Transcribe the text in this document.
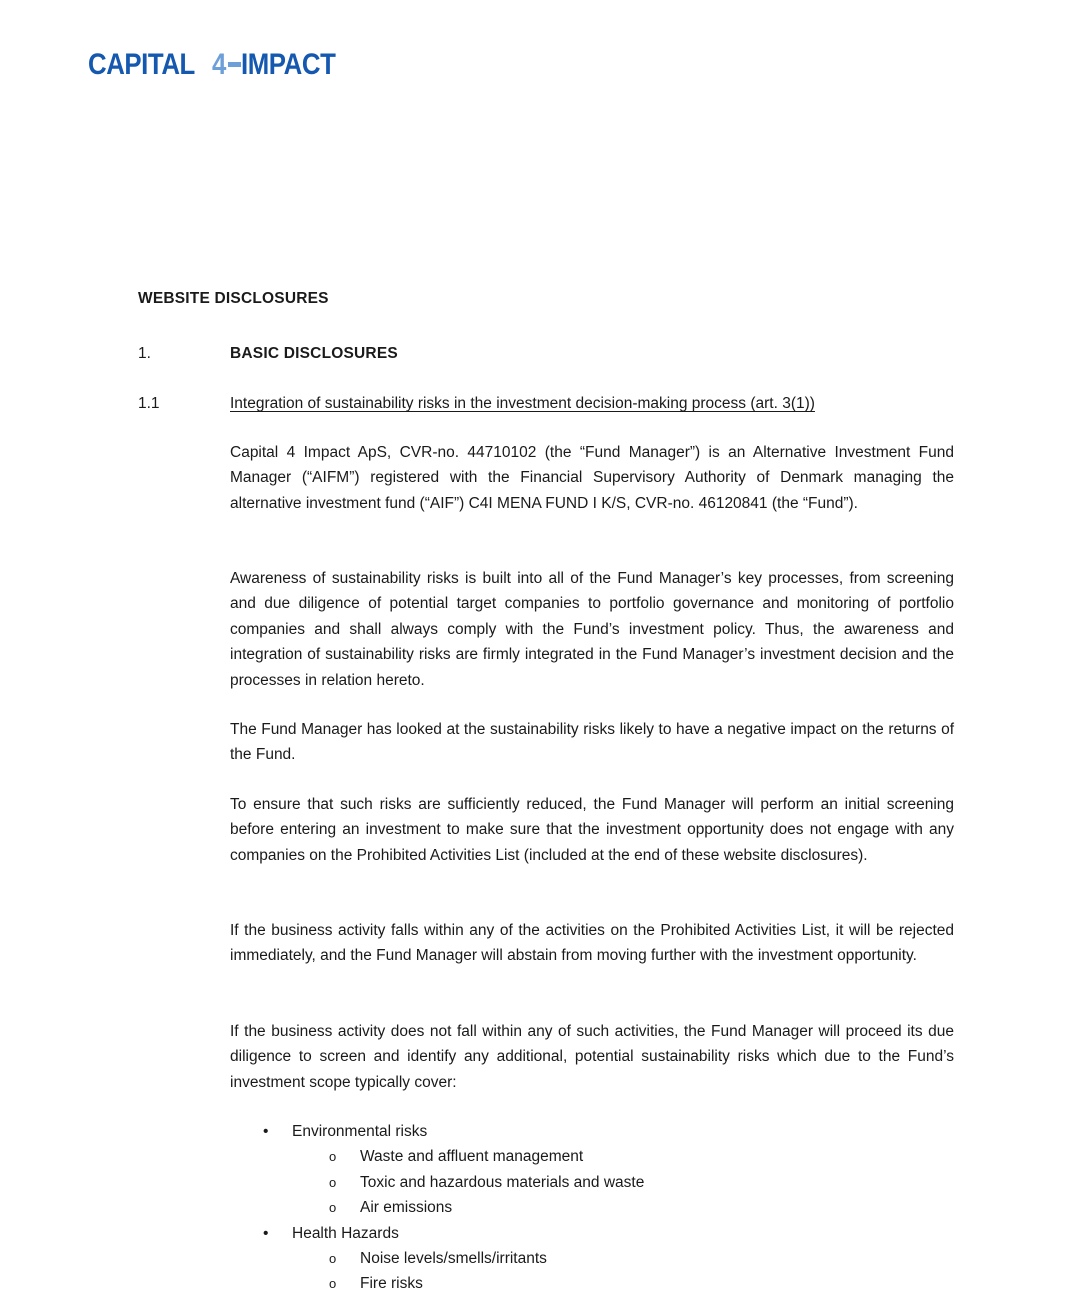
CAPITAL 4 IMPACT
WEBSITE DISCLOSURES
1.	BASIC DISCLOSURES
1.1	Integration of sustainability risks in the investment decision-making process (art. 3(1))
Capital 4 Impact ApS, CVR-no. 44710102 (the “Fund Manager”) is an Alternative Investment Fund Manager (“AIFM”) registered with the Financial Supervisory Authority of Denmark managing the alternative investment fund (“AIF”) C4I MENA FUND I K/S, CVR-no. 46120841 (the “Fund”).
Awareness of sustainability risks is built into all of the Fund Manager’s key processes, from screening and due diligence of potential target companies to portfolio governance and monitoring of portfolio companies and shall always comply with the Fund’s investment policy. Thus, the awareness and integration of sustainability risks are firmly integrated in the Fund Manager’s investment decision and the processes in relation hereto.
The Fund Manager has looked at the sustainability risks likely to have a negative impact on the returns of the Fund.
To ensure that such risks are sufficiently reduced, the Fund Manager will perform an initial screening before entering an investment to make sure that the investment opportunity does not engage with any companies on the Prohibited Activities List (included at the end of these website disclosures).
If the business activity falls within any of the activities on the Prohibited Activities List, it will be rejected immediately, and the Fund Manager will abstain from moving further with the investment opportunity.
If the business activity does not fall within any of such activities, the Fund Manager will proceed its due diligence to screen and identify any additional, potential sustainability risks which due to the Fund’s investment scope typically cover:
• Environmental risks
o Waste and affluent management
o Toxic and hazardous materials and waste
o Air emissions
• Health Hazards
o Noise levels/smells/irritants
o Fire risks
